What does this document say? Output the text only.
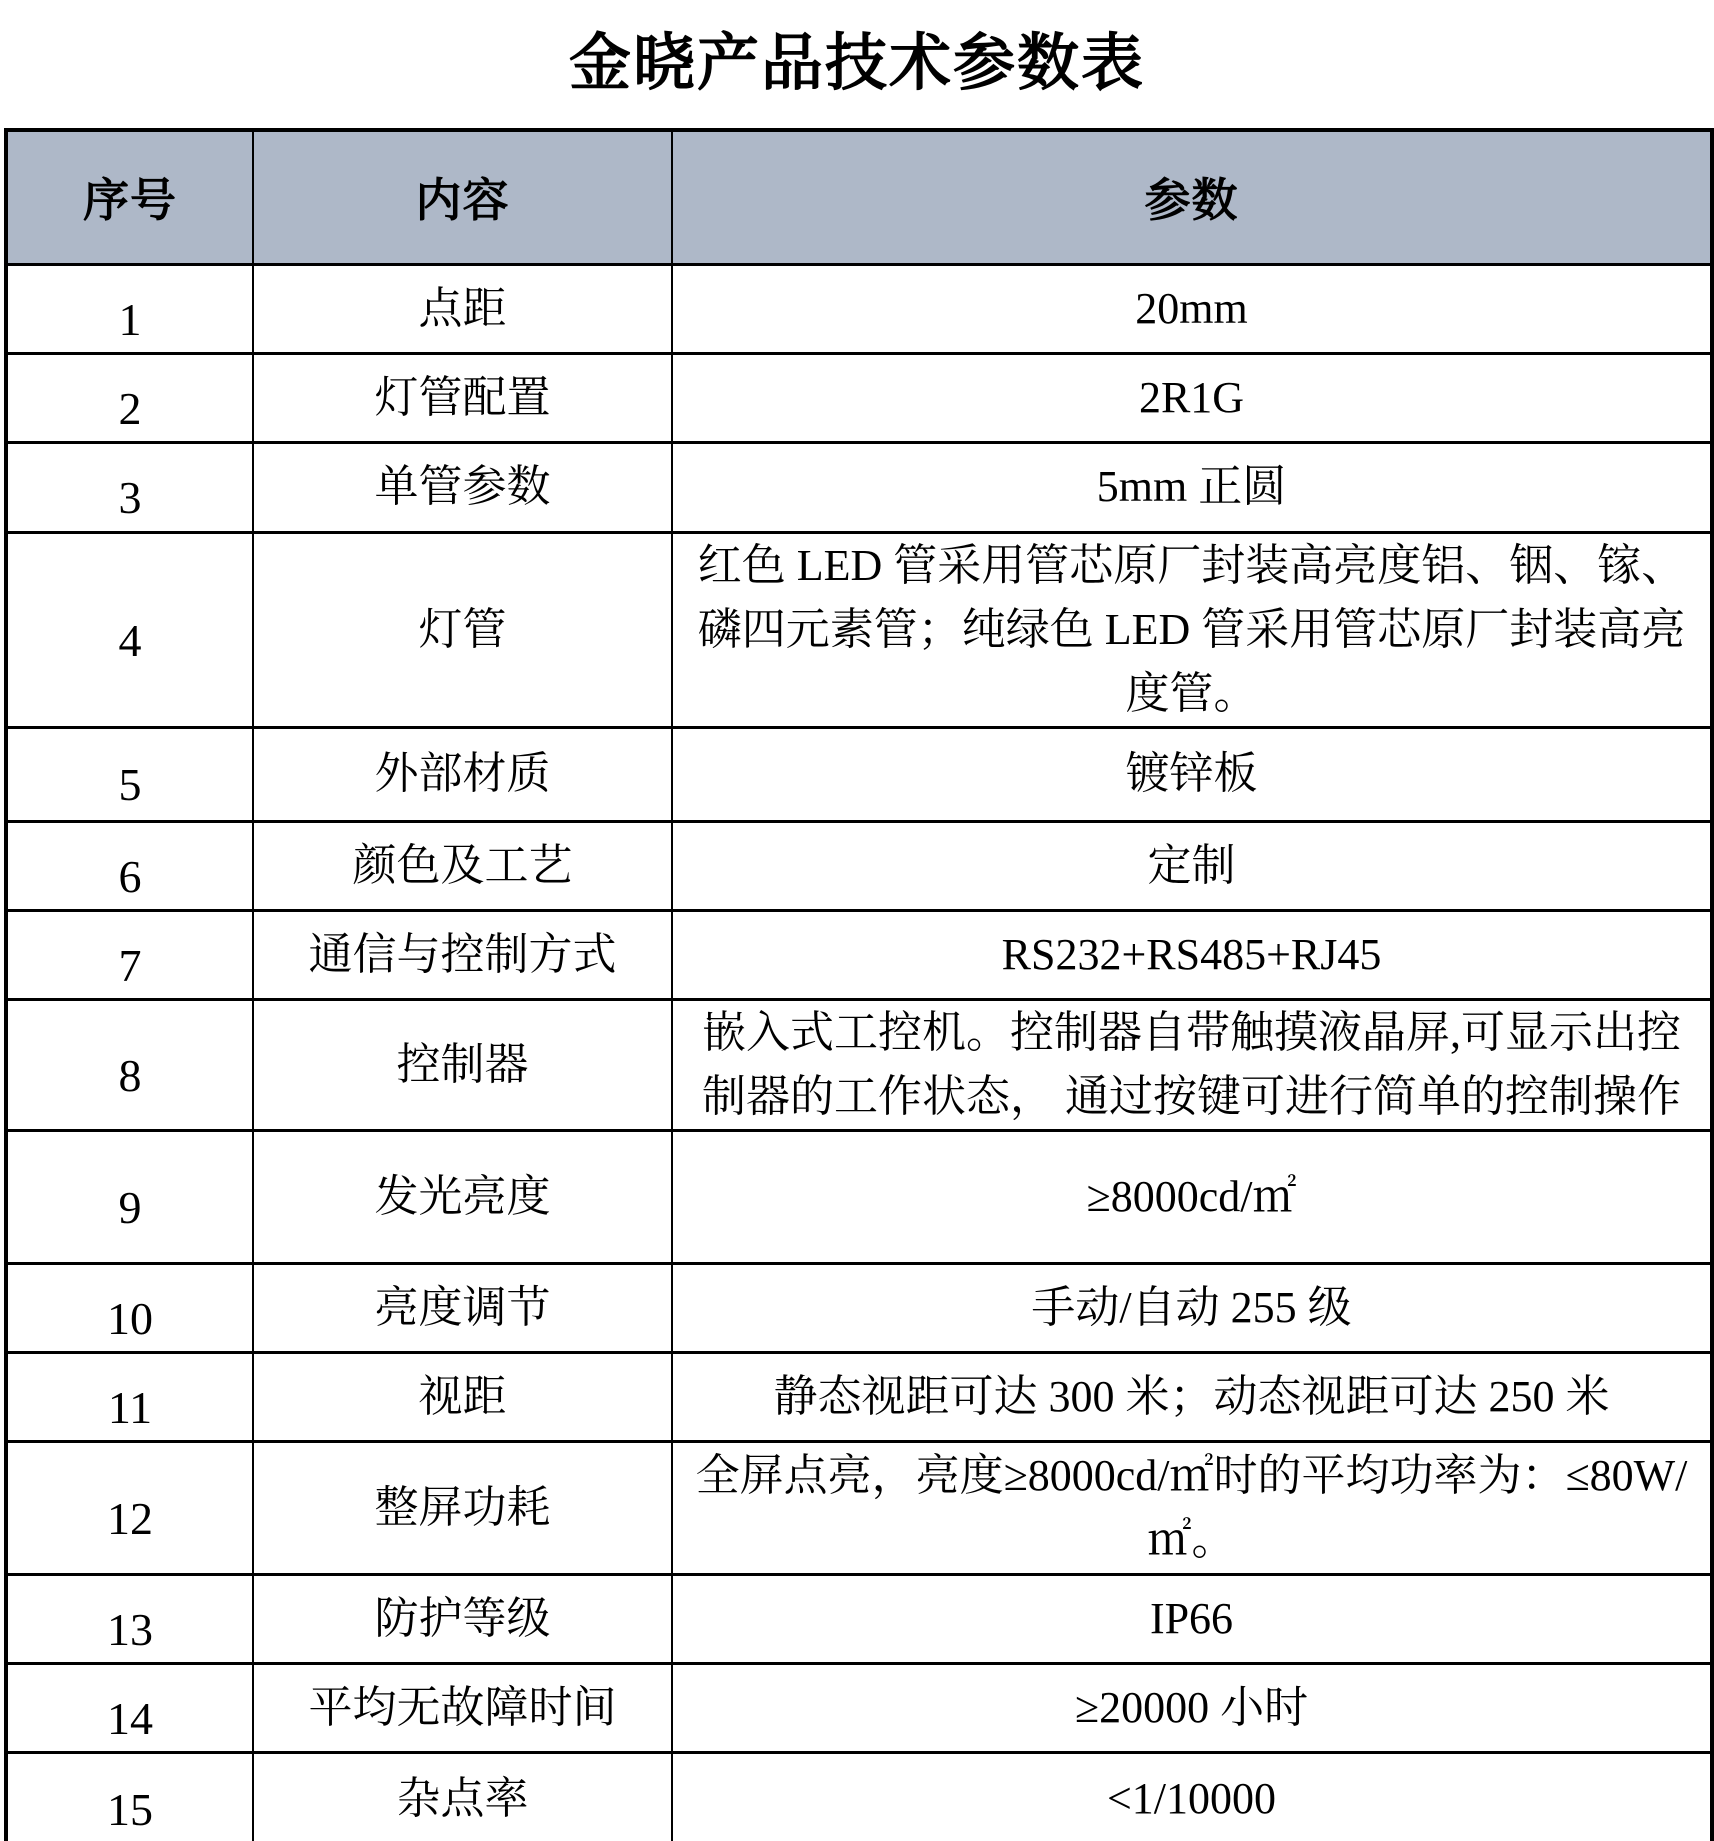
金晓产品技术参数表
序号	内容	参数
1	点距	20mm
2	灯管配置	2R1G
3	单管参数	5mm 正圆
4	灯管	红色 LED 管采用管芯原厂封装高亮度铝、铟、镓、磷四元素管；纯绿色 LED 管采用管芯原厂封装高亮度管。
5	外部材质	镀锌板
6	颜色及工艺	定制
7	通信与控制方式	RS232+RS485+RJ45
8	控制器	嵌入式工控机。控制器自带触摸液晶屏,可显示出控制器的工作状态， 通过按键可进行简单的控制操作
9	发光亮度	≥8000cd/㎡
10	亮度调节	手动/自动 255 级
11	视距	静态视距可达 300 米；动态视距可达 250 米
12	整屏功耗	全屏点亮，亮度≥8000cd/㎡时的平均功率为：≤80W/㎡。
13	防护等级	IP66
14	平均无故障时间	≥20000 小时
15	杂点率	<1/10000
